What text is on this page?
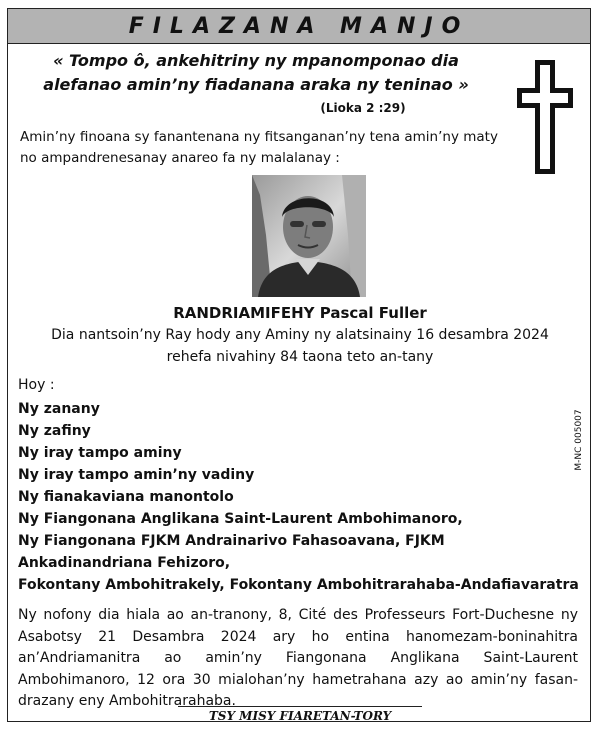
FILAZANA MANJO
« Tompo ô, ankehitriny ny mpanomponao dia alefanao amin’ny fiadanana araka ny teninao »
(Lioka 2 :29)
Amin’ny finoana sy fanantenana ny fitsanganan’ny tena amin’ny maty no ampandrenesanay anareo fa ny malalanay :
RANDRIAMIFEHY Pascal Fuller
Dia nantsoin’ny Ray hody any Aminy ny alatsinainy 16 desambra 2024
rehefa nivahiny 84 taona teto an-tany
Hoy :
Ny zanany
Ny zafiny
Ny iray tampo aminy
Ny iray tampo amin’ny vadiny
Ny fianakaviana manontolo
Ny Fiangonana Anglikana Saint-Laurent Ambohimanoro,
Ny Fiangonana FJKM Andrainarivo Fahasoavana, FJKM Ankadinandriana Fehizoro,
Fokontany Ambohitrakely, Fokontany Ambohitrarahaba-Andafiavaratra
Ny nofony dia hiala ao an-tranony, 8, Cité des Professeurs Fort-Duchesne ny Asabotsy 21 Desambra 2024 ary ho entina hanomezam-boninahitra an’Andriamanitra ao amin’ny Fiangonana Anglikana Saint-Laurent Ambohimanoro, 12 ora 30 mialohan’ny hametrahana azy ao amin’ny fasan-drazany eny Ambohitrarahaba.
TSY MISY FIARETAN-TORY
M-NC 005007
